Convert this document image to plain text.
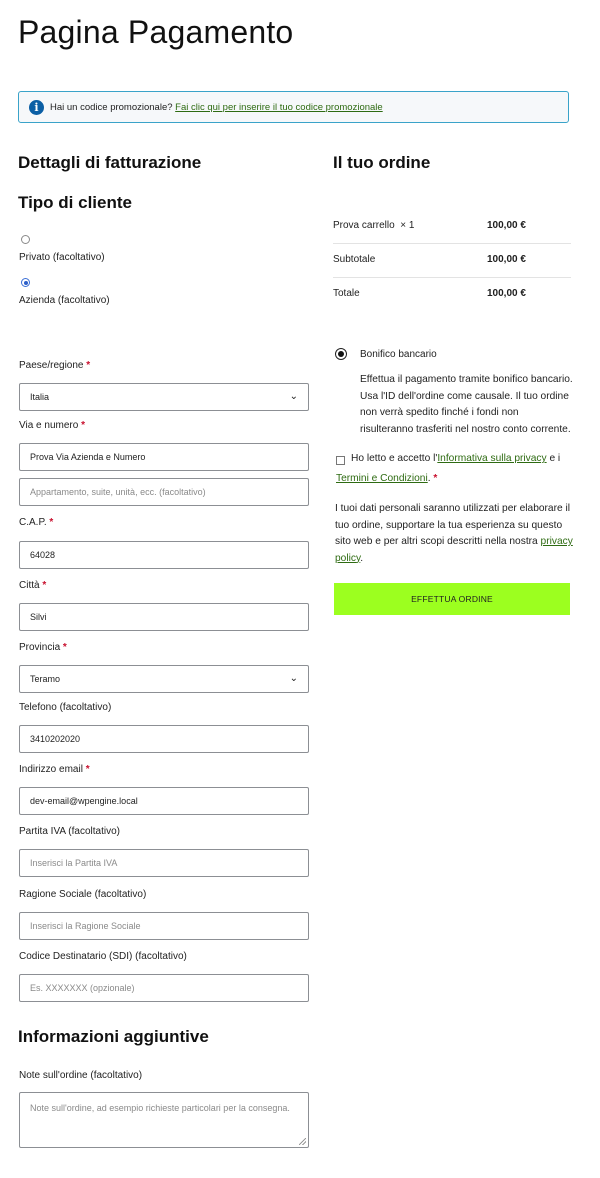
Pagina Pagamento
i	Hai un codice promozionale? Fai clic qui per inserire il tuo codice promozionale
Dettagli di fatturazione
Tipo di cliente
Privato (facoltativo)
Azienda (facoltativo)
Paese/regione *
Italia	⌄
Via e numero *
Prova Via Azienda e Numero
Appartamento, suite, unità, ecc. (facoltativo)
C.A.P. *
64028
Città *
Silvi
Provincia *
Teramo	⌄
Telefono (facoltativo)
3410202020
Indirizzo email *
dev-email@wpengine.local
Partita IVA (facoltativo)
Inserisci la Partita IVA
Ragione Sociale (facoltativo)
Inserisci la Ragione Sociale
Codice Destinatario (SDI) (facoltativo)
Es. XXXXXXX (opzionale)
Informazioni aggiuntive
Note sull'ordine (facoltativo)
Note sull'ordine, ad esempio richieste particolari per la consegna.
Il tuo ordine
Prova carrello  × 1	100,00 €
Subtotale	100,00 €
Totale	100,00 €
Bonifico bancario
Effettua il pagamento tramite bonifico bancario. Usa l'ID dell'ordine come causale. Il tuo ordine non verrà spedito finché i fondi non risulteranno trasferiti nel nostro conto corrente.
Ho letto e accetto l'Informativa sulla privacy e i
Termini e Condizioni. *
I tuoi dati personali saranno utilizzati per elaborare il tuo ordine, supportare la tua esperienza su questo sito web e per altri scopi descritti nella nostra privacy policy.
EFFETTUA ORDINE
